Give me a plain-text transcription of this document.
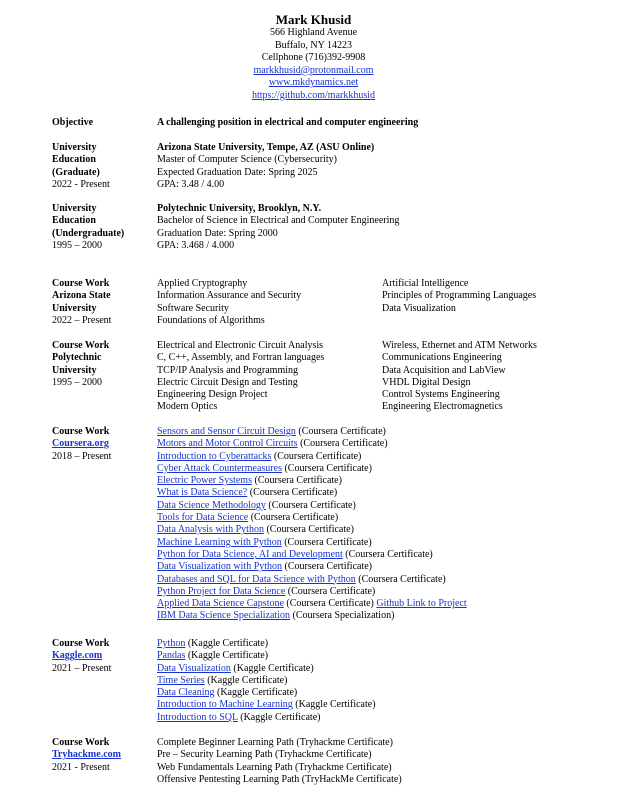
Mark Khusid
566 Highland Avenue
Buffalo, NY 14223
Cellphone (716)392-9908
markkhusid@protonmail.com
www.mkdynamics.net
https://github.com/markkhusid
Objective	A challenging position in electrical and computer engineering
University
Education
(Graduate)
2022 - Present
Arizona State University, Tempe, AZ (ASU Online)
Master of Computer Science (Cybersecurity)
Expected Graduation Date: Spring 2025
GPA: 3.48 / 4.00
University
Education
(Undergraduate)
1995 – 2000
Polytechnic University, Brooklyn, N.Y.
Bachelor of Science in Electrical and Computer Engineering
Graduation Date: Spring 2000
GPA: 3.468 / 4.000
Course Work
Arizona State
University
2022 – Present
Applied Cryptography
Information Assurance and Security
Software Security
Foundations of Algorithms
Artificial Intelligence
Principles of Programming Languages
Data Visualization
Course Work
Polytechnic
University
1995 – 2000
Electrical and Electronic Circuit Analysis
C, C++, Assembly, and Fortran languages
TCP/IP Analysis and Programming
Electric Circuit Design and Testing
Engineering Design Project
Modern Optics
Wireless, Ethernet and ATM Networks
Communications Engineering
Data Acquisition and LabView
VHDL Digital Design
Control Systems Engineering
Engineering Electromagnetics
Course Work
Coursera.org
2018 – Present
Sensors and Sensor Circuit Design (Coursera Certificate)
Motors and Motor Control Circuits (Coursera Certificate)
Introduction to Cyberattacks (Coursera Certificate)
Cyber Attack Countermeasures (Coursera Certificate)
Electric Power Systems (Coursera Certificate)
What is Data Science? (Coursera Certificate)
Data Science Methodology (Coursera Certificate)
Tools for Data Science (Coursera Certificate)
Data Analysis with Python (Coursera Certificate)
Machine Learning with Python (Coursera Certificate)
Python for Data Science, AI and Development (Coursera Certificate)
Data Visualization with Python (Coursera Certificate)
Databases and SQL for Data Science with Python (Coursera Certificate)
Python Project for Data Science (Coursera Certificate)
Applied Data Science Capstone (Coursera Certificate) Github Link to Project
IBM Data Science Specialization (Coursera Specialization)
Course Work
Kaggle.com
2021 – Present
Python (Kaggle Certificate)
Pandas (Kaggle Certificate)
Data Visualization (Kaggle Certificate)
Time Series (Kaggle Certificate)
Data Cleaning (Kaggle Certificate)
Introduction to Machine Learning (Kaggle Certificate)
Introduction to SQL (Kaggle Certificate)
Course Work
Tryhackme.com
2021 - Present
Complete Beginner Learning Path (Tryhackme Certificate)
Pre – Security Learning Path (Tryhackme Certificate)
Web Fundamentals Learning Path (Tryhackme Certificate)
Offensive Pentesting Learning Path (TryHackMe Certificate)
